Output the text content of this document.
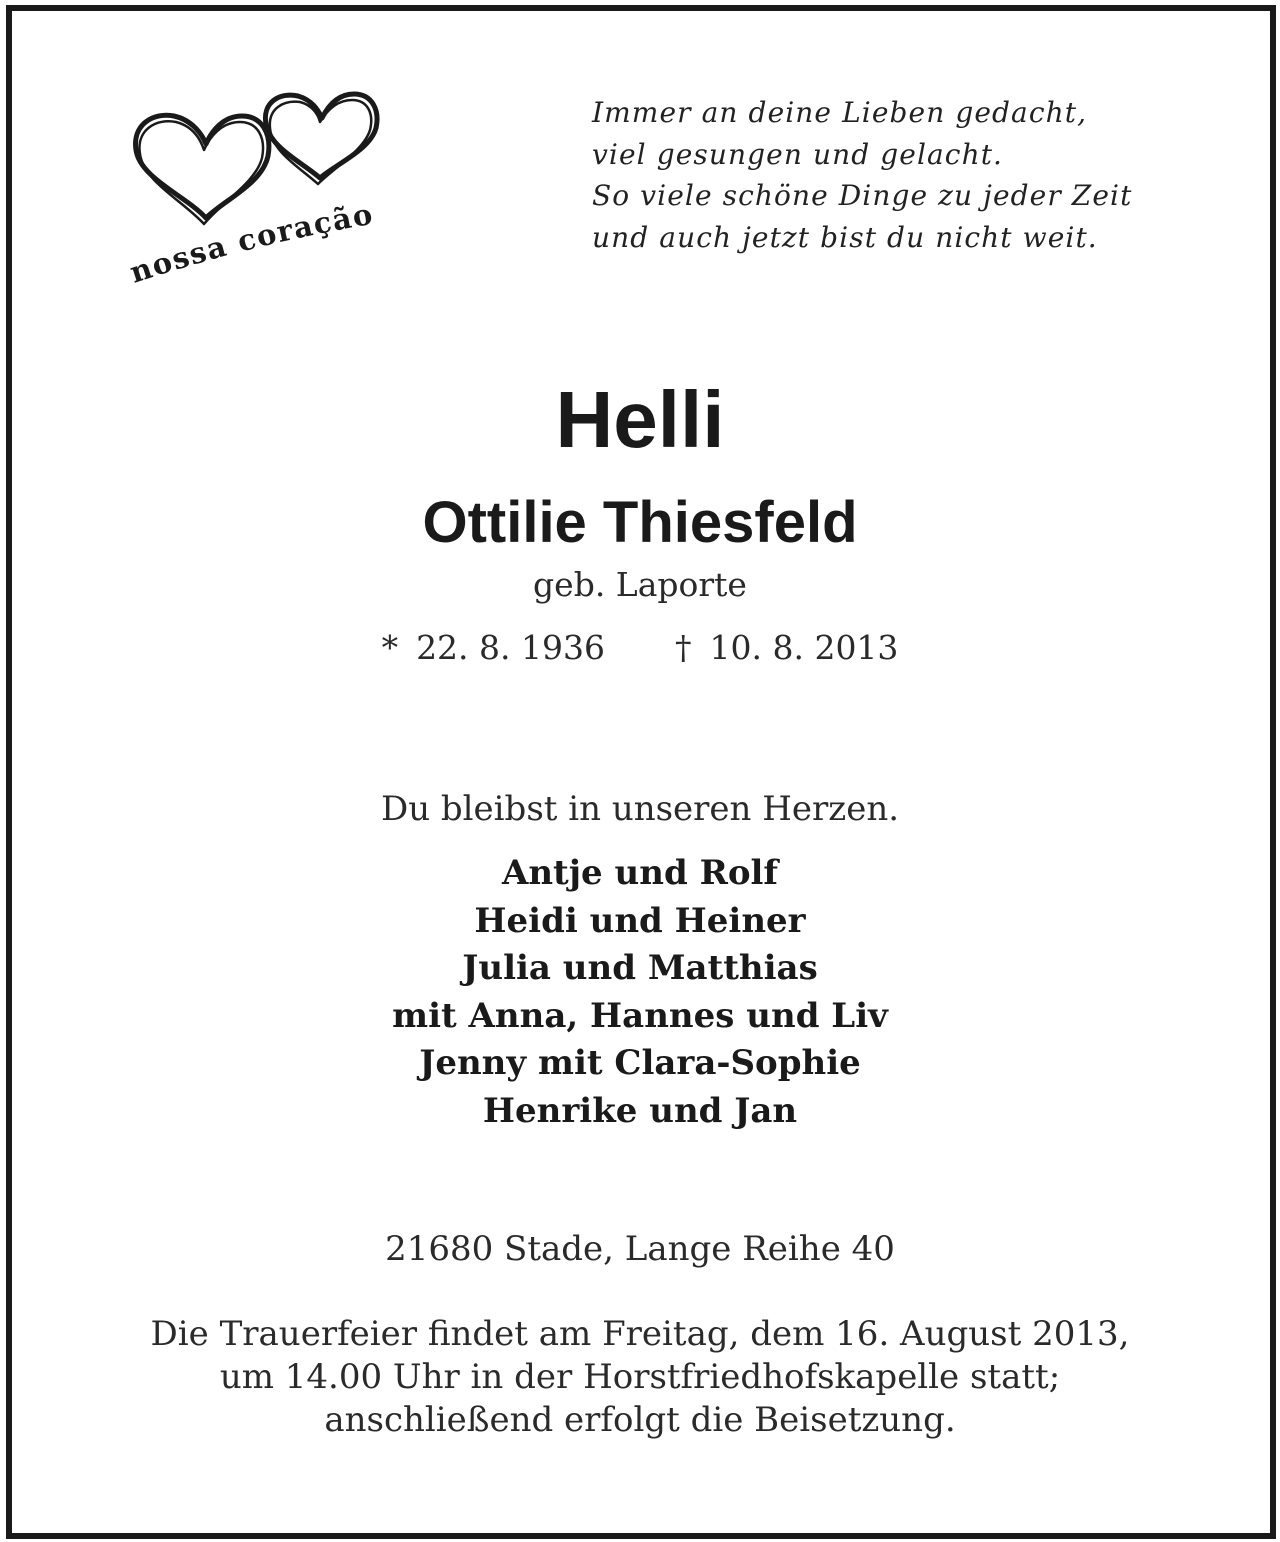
nossa coração
Immer an deine Lieben gedacht,
viel gesungen und gelacht.
So viele schöne Dinge zu jeder Zeit
und auch jetzt bist du nicht weit.
Helli
Ottilie Thiesfeld
geb. Laporte
* 22. 8. 1936 † 10. 8. 2013
Du bleibst in unseren Herzen.
Antje und Rolf
Heidi und Heiner
Julia und Matthias
mit Anna, Hannes und Liv
Jenny mit Clara-Sophie
Henrike und Jan
21680 Stade, Lange Reihe 40
Die Trauerfeier findet am Freitag, dem 16. August 2013,
um 14.00 Uhr in der Horstfriedhofskapelle statt;
anschließend erfolgt die Beisetzung.
